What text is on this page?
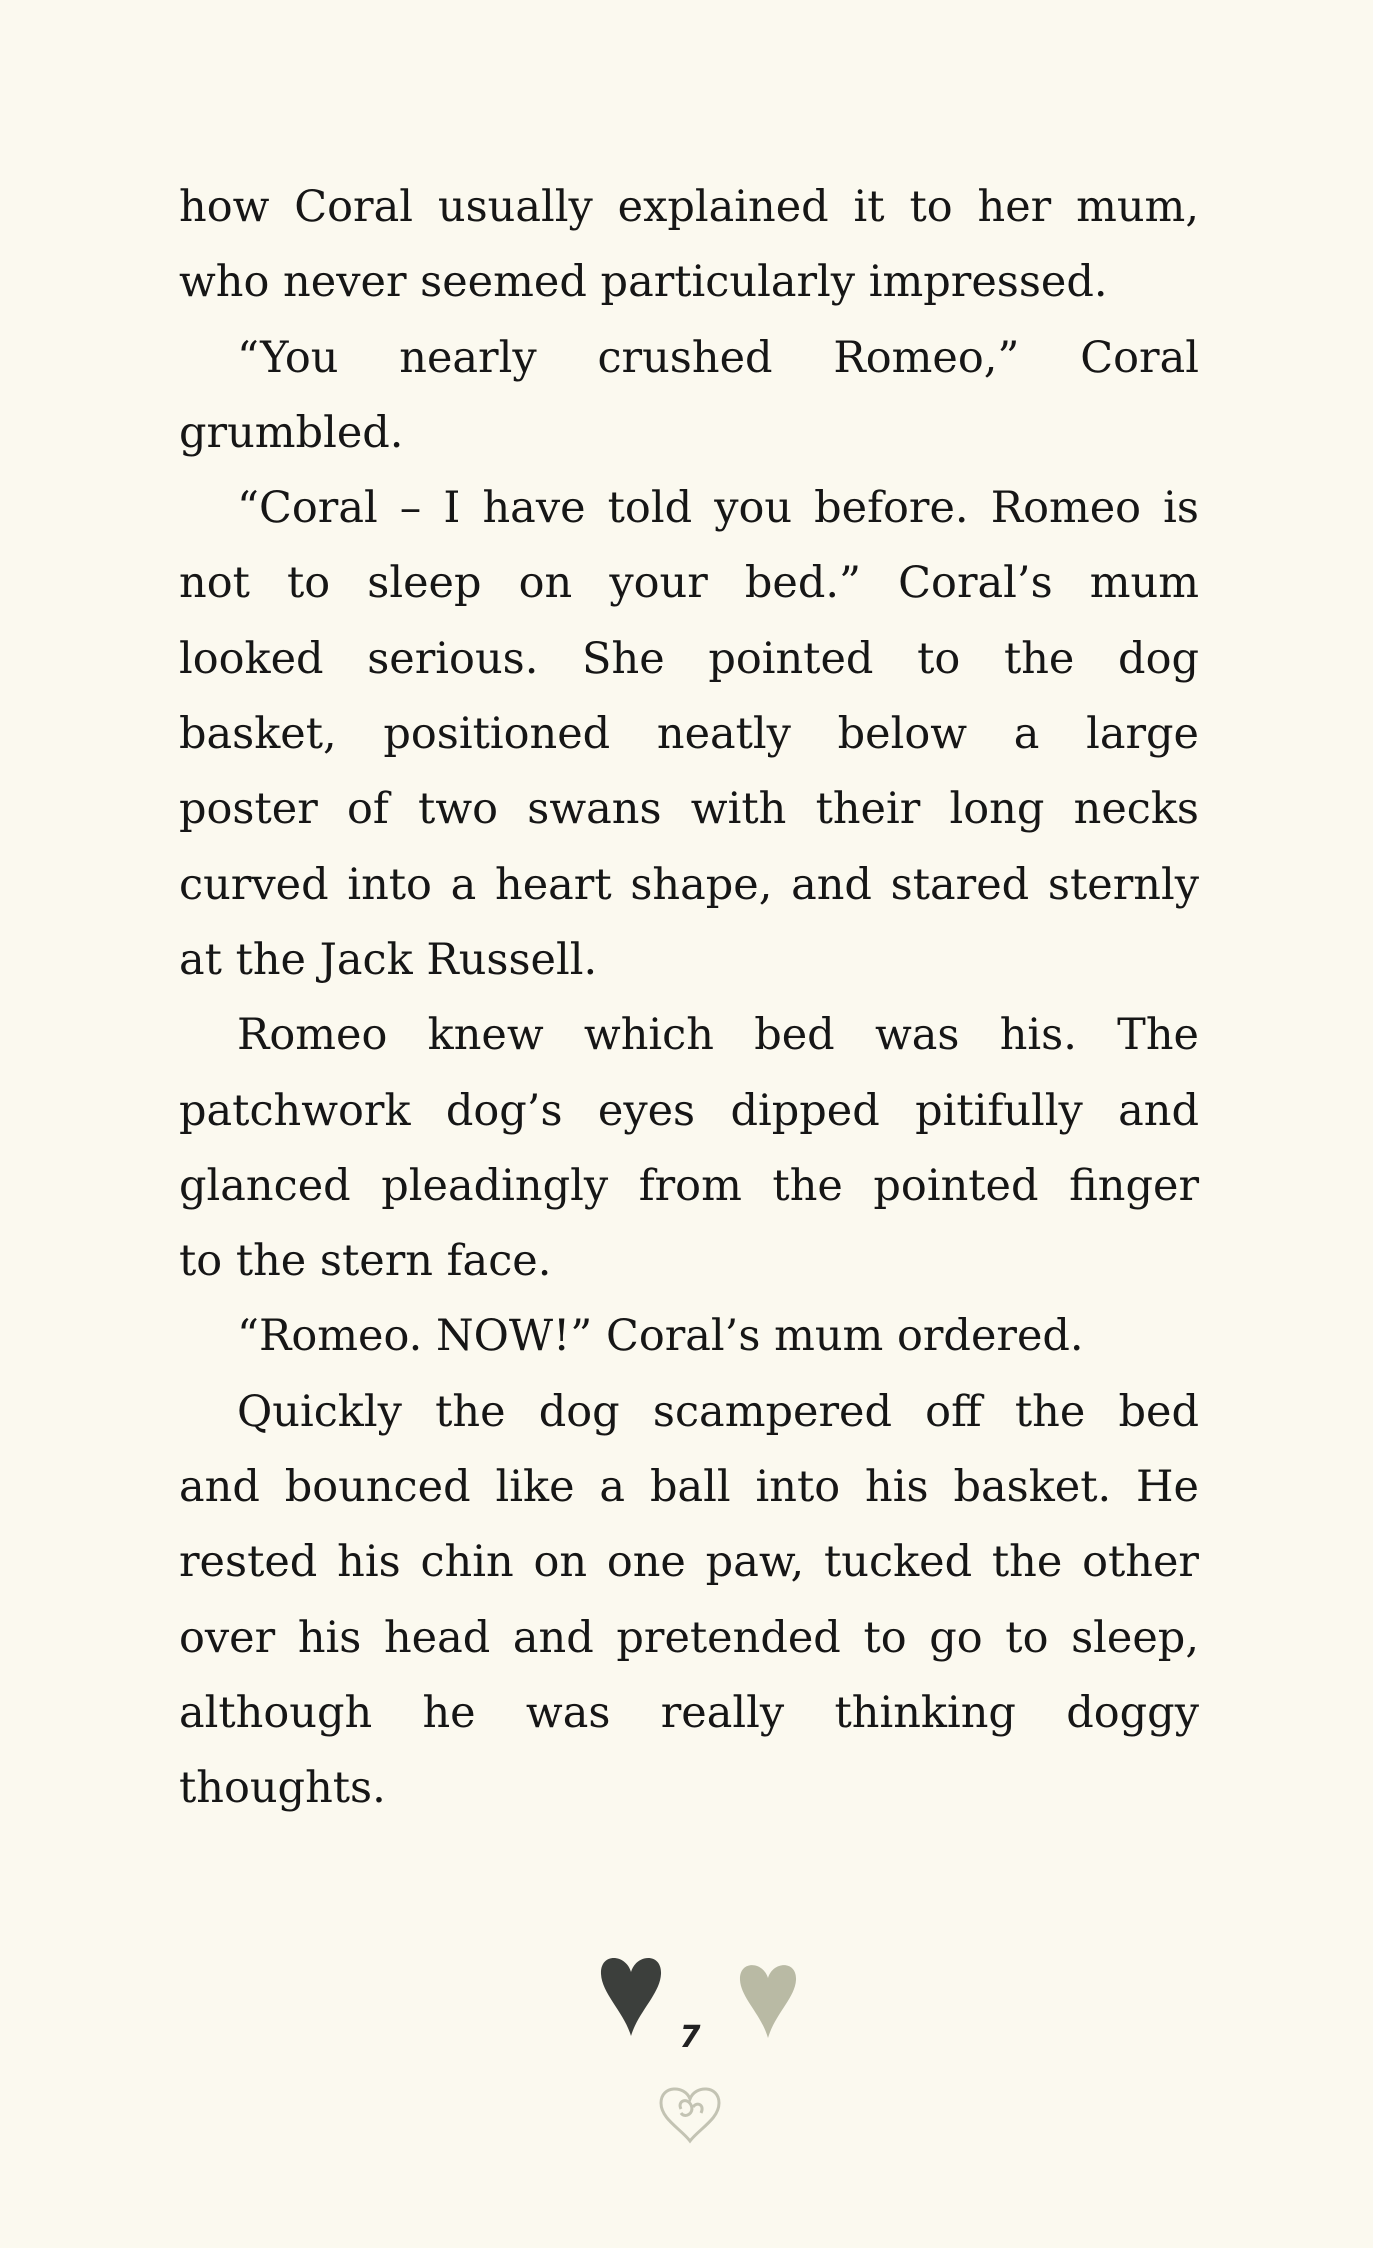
how Coral usually explained it to her mum,
who never seemed particularly impressed.
“You nearly crushed Romeo,” Coral
grumbled.
“Coral – I have told you before. Romeo is
not to sleep on your bed.” Coral’s mum
looked serious. She pointed to the dog
basket, positioned neatly below a large
poster of two swans with their long necks
curved into a heart shape, and stared sternly
at the Jack Russell.
Romeo knew which bed was his. The
patchwork dog’s eyes dipped pitifully and
glanced pleadingly from the pointed finger
to the stern face.
“Romeo. NOW!” Coral’s mum ordered.
Quickly the dog scampered off the bed
and bounced like a ball into his basket. He
rested his chin on one paw, tucked the other
over his head and pretended to go to sleep,
although he was really thinking doggy
thoughts.
7
